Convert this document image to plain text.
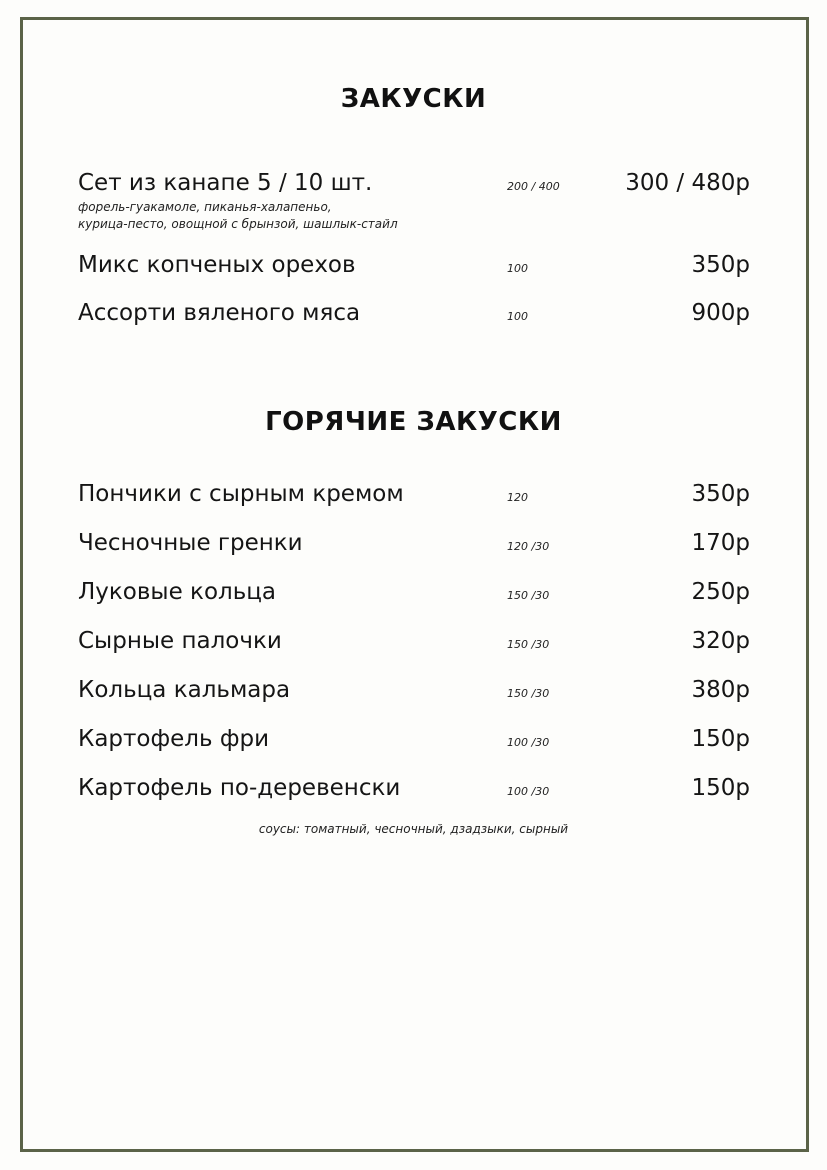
ЗАКУСКИ
Сет из канапе 5 / 10 шт.	200 / 400	300 / 480р
форель-гуакамоле, пиканья-халапеньо,
курица-песто, овощной с брынзой, шашлык-стайл
Микс копченых орехов	100	350р
Ассорти вяленого мяса	100	900р
ГОРЯЧИЕ ЗАКУСКИ
Пончики с сырным кремом	120	350р
Чесночные гренки	120 /30	170р
Луковые кольца	150 /30	250р
Сырные палочки	150 /30	320р
Кольца кальмара	150 /30	380р
Картофель фри	100 /30	150р
Картофель по-деревенски	100 /30	150р
соусы: томатный, чесночный, дзадзыки, сырный
